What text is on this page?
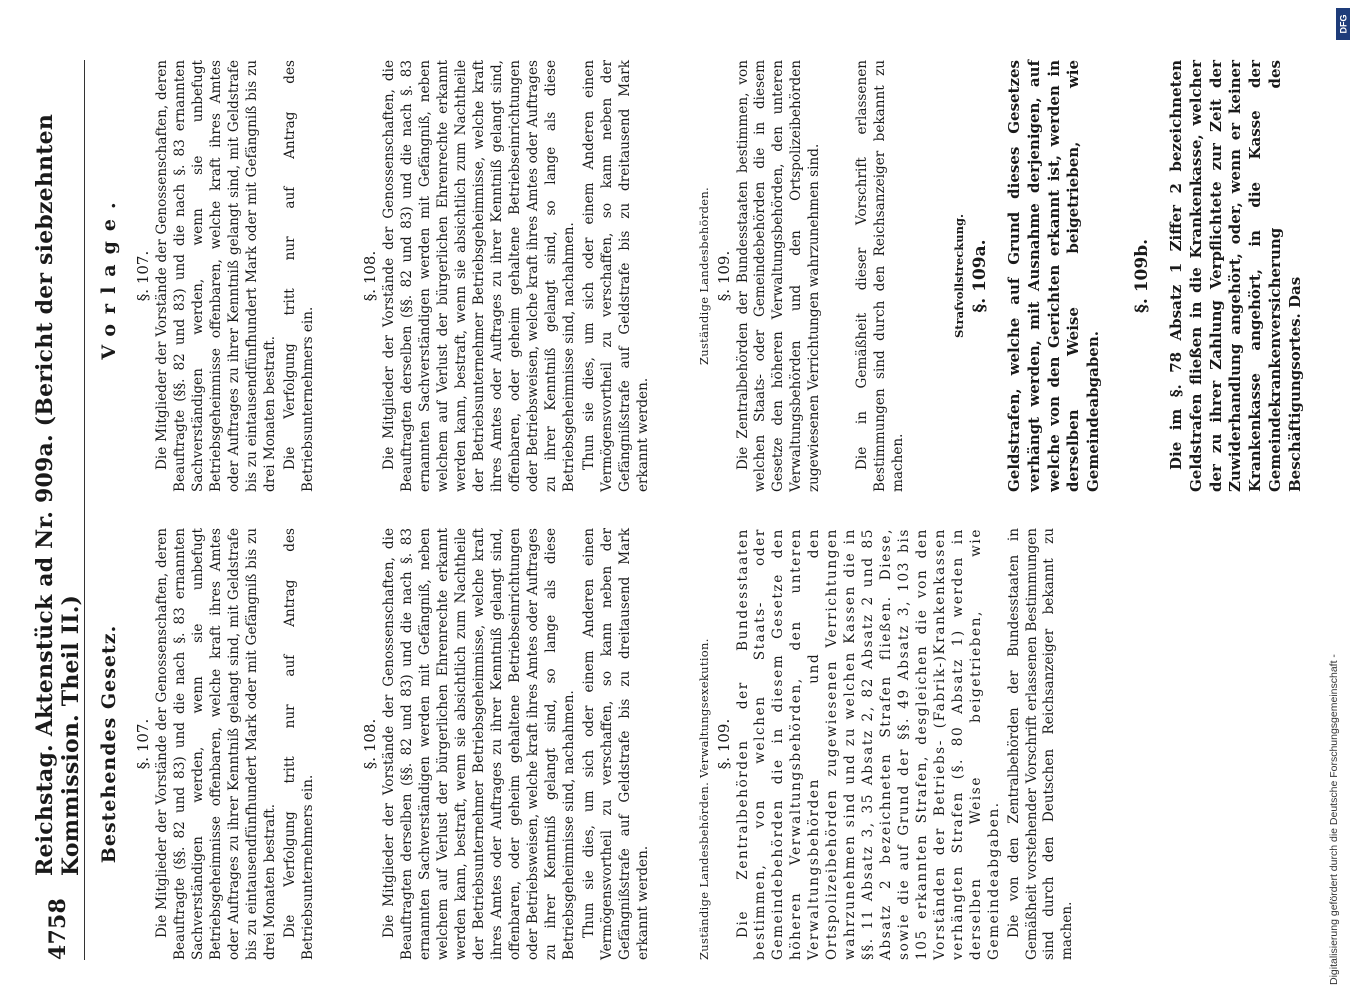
4758
Reichstag. Aktenstück ad Nr. 909a. (Bericht der siebzehnten Kommission. Theil II.) Bestehendes Gesetz. §. 107. Die Mitglieder der Vorstände der Genossenschaften, deren Beauftragte (§§. 82 und 83) und die nach §. 83 ernannten Sachverständigen werden, wenn sie unbefugt Betriebsgeheimnisse offenbaren, welche kraft ihres Amtes oder Auftrages zu ihrer Kenntniß gelangt sind, mit Geldstrafe bis zu eintausendfünfhundert Mark oder mit Gefängniß bis zu drei Monaten bestraft. Die Verfolgung tritt nur auf Antrag des Betriebsunternehmers ein.

§. 108. Die Mitglieder der Vorstände der Genossenschaften, die Beauftragten derselben (§§. 82 und 83) und die nach §. 83 ernannten Sachverständigen werden mit Gefängniß, neben welchem auf Verlust der bürgerlichen Ehrenrechte erkannt werden kann, bestraft, wenn sie absichtlich zum Nachtheile der Betriebsunternehmer Betriebsgeheimnisse, welche kraft ihres Amtes oder Auftrages zu ihrer Kenntniß gelangt sind, offenbaren, oder geheim gehaltene Betriebseinrichtungen oder Betriebsweisen, welche kraft ihres Amtes oder Auftrages zu ihrer Kenntniß gelangt sind, so lange als diese Betriebsgeheimnisse sind, nachahmen. Thun sie dies, um sich oder einem Anderen einen Vermögensvortheil zu verschaffen, so kann neben der Gefängnißstrafe auf Geldstrafe bis zu dreitausend Mark erkannt werden.	Zuständige Landesbehörden. Verwaltungsexekution. §. 109. Die Zentralbehörden der Bundesstaaten bestimmen, von welchen Staats- oder Gemeindebehörden die in diesem Gesetze den höheren Verwaltungsbehörden, den unteren Verwaltungsbehörden und den Ortspolizeibehörden zugewiesenen Verrichtungen wahrzunehmen sind und zu welchen Kassen die in §§. 11 Absatz 3, 35 Absatz 2, 82 Absatz 2 und 85 Absatz 2 bezeichneten Strafen fließen. Diese, sowie die auf Grund der §§. 49 Absatz 3, 103 bis 105 erkannten Strafen, desgleichen die von den Vorständen der Betriebs- (Fabrik-)Krankenkassen verhängten Strafen (§. 80 Absatz 1) werden in derselben Weise beigetrieben, wie Gemeindeabgaben. Die von den Zentralbehörden der Bundesstaaten in Gemäßheit vorstehender Vorschrift erlassenen Bestimmungen sind durch den Deutschen Reichsanzeiger bekannt zu machen.

Vorlage. §. 107. Die Mitglieder der Vorstände der Genossenschaften, deren Beauftragte (§§. 82 und 83) und die nach §. 83 ernannten Sachverständigen werden, wenn sie unbefugt Betriebsgeheimnisse offenbaren, welche kraft ihres Amtes oder Auftrages zu ihrer Kenntniß gelangt sind, mit Geldstrafe bis zu eintausendfünfhundert Mark oder mit Gefängniß bis zu drei Monaten bestraft. Die Verfolgung tritt nur auf Antrag des Betriebsunternehmers ein.

§. 108. Die Mitglieder der Vorstände der Genossenschaften, die Beauftragten derselben (§§. 82 und 83) und die nach §. 83 ernannten Sachverständigen werden mit Gefängniß, neben welchem auf Verlust der bürgerlichen Ehrenrechte erkannt werden kann, bestraft, wenn sie absichtlich zum Nachtheile der Betriebsunternehmer Betriebsgeheimnisse, welche kraft ihres Amtes oder Auftrages zu ihrer Kenntniß gelangt sind, offenbaren, oder geheim gehaltene Betriebseinrichtungen oder Betriebsweisen, welche kraft ihres Amtes oder Auftrages zu ihrer Kenntniß gelangt sind, so lange als diese Betriebsgeheimnisse sind, nachahmen. Thun sie dies, um sich oder einem Anderen einen Vermögensvortheil zu verschaffen, so kann neben der Gefängnißstrafe auf Geldstrafe bis zu dreitausend Mark erkannt werden.

Zuständige Landesbehörden. §. 109. Die Zentralbehörden der Bundesstaaten bestimmen, von welchen Staats- oder Gemeindebehörden die in diesem Gesetze den höheren Verwaltungsbehörden, den unteren Verwaltungsbehörden und den Ortspolizeibehörden zugewiesenen Verrichtungen wahrzunehmen sind. Die in Gemäßheit dieser Vorschrift erlassenen Bestimmungen sind durch den Reichsanzeiger bekannt zu machen.

Strafvollstreckung. §. 109a. Geldstrafen, welche auf Grund dieses Gesetzes verhängt werden, mit Ausnahme derjenigen, auf welche von den Gerichten erkannt ist, werden in derselben Weise beigetrieben, wie Gemeindeabgaben.

§. 109b. Die im §. 78 Absatz 1 Ziffer 2 bezeichneten Geldstrafen fließen in die Krankenkasse, welcher der zu ihrer Zahlung Verpflichtete zur Zeit der Zuwiderhandlung angehört, oder, wenn er keiner Krankenkasse angehört, in die Kasse der Gemeindekrankenversicherung des Beschäftigungsortes. Das

Digitalisierung gefördert durch die Deutsche Forschungsgemeinschaft -
DFG
